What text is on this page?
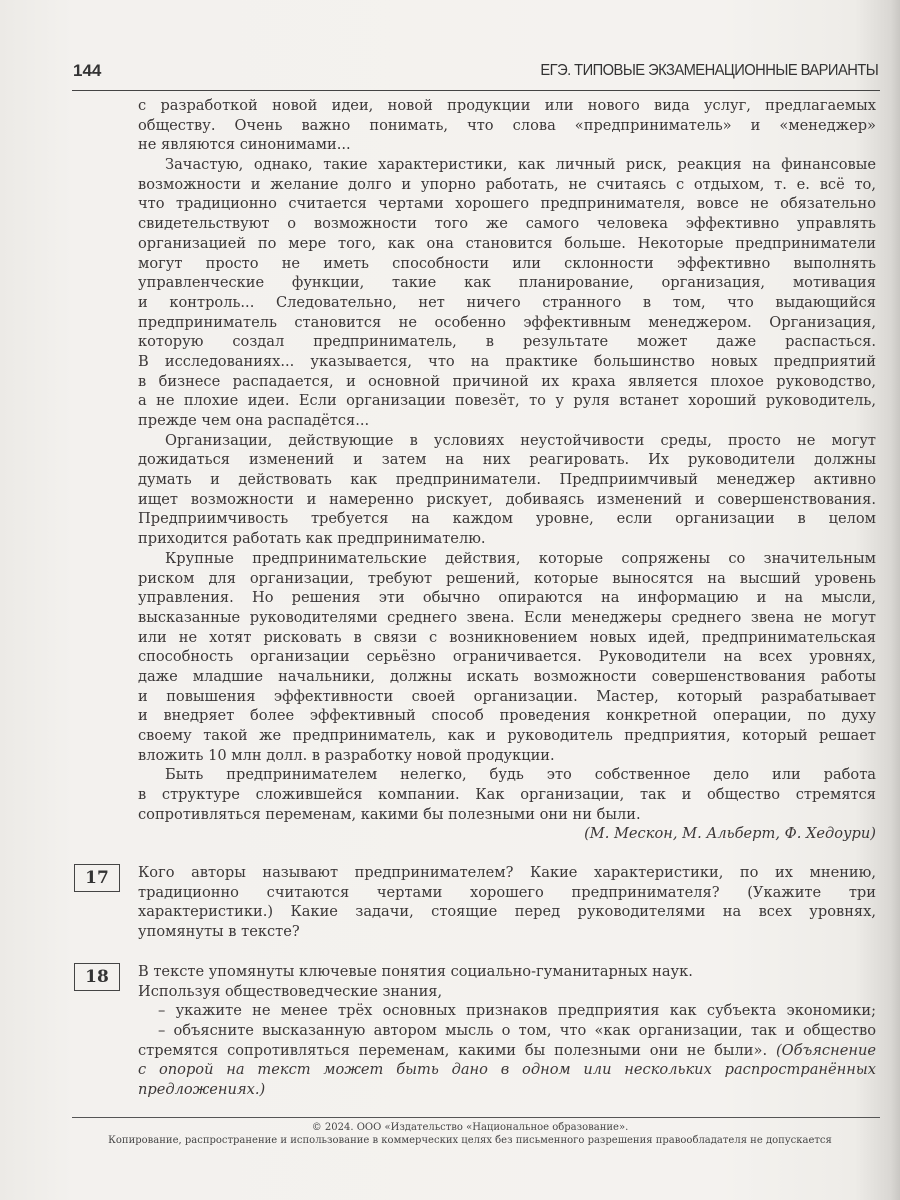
144	ЕГЭ. ТИПОВЫЕ ЭКЗАМЕНАЦИОННЫЕ ВАРИАНТЫ
с разработкой новой идеи, новой продукции или нового вида услуг, предлагаемых
обществу. Очень важно понимать, что слова «предприниматель» и «менеджер»
не являются синонимами...
Зачастую, однако, такие характеристики, как личный риск, реакция на финансовые
возможности и желание долго и упорно работать, не считаясь с отдыхом, т. е. всё то,
что традиционно считается чертами хорошего предпринимателя, вовсе не обязательно
свидетельствуют о возможности того же самого человека эффективно управлять
организацией по мере того, как она становится больше. Некоторые предприниматели
могут просто не иметь способности или склонности эффективно выполнять
управленческие функции, такие как планирование, организация, мотивация
и контроль... Следовательно, нет ничего странного в том, что выдающийся
предприниматель становится не особенно эффективным менеджером. Организация,
которую создал предприниматель, в результате может даже распасться.
В исследованиях... указывается, что на практике большинство новых предприятий
в бизнесе распадается, и основной причиной их краха является плохое руководство,
а не плохие идеи. Если организации повезёт, то у руля встанет хороший руководитель,
прежде чем она распадётся...
Организации, действующие в условиях неустойчивости среды, просто не могут
дожидаться изменений и затем на них реагировать. Их руководители должны
думать и действовать как предприниматели. Предприимчивый менеджер активно
ищет возможности и намеренно рискует, добиваясь изменений и совершенствования.
Предприимчивость требуется на каждом уровне, если организации в целом
приходится работать как предпринимателю.
Крупные предпринимательские действия, которые сопряжены со значительным
риском для организации, требуют решений, которые выносятся на высший уровень
управления. Но решения эти обычно опираются на информацию и на мысли,
высказанные руководителями среднего звена. Если менеджеры среднего звена не могут
или не хотят рисковать в связи с возникновением новых идей, предпринимательская
способность организации серьёзно ограничивается. Руководители на всех уровнях,
даже младшие начальники, должны искать возможности совершенствования работы
и повышения эффективности своей организации. Мастер, который разрабатывает
и внедряет более эффективный способ проведения конкретной операции, по духу
своему такой же предприниматель, как и руководитель предприятия, который решает
вложить 10 млн долл. в разработку новой продукции.
Быть предпринимателем нелегко, будь это собственное дело или работа
в структуре сложившейся компании. Как организации, так и общество стремятся
сопротивляться переменам, какими бы полезными они ни были.
(М. Мескон, М. Альберт, Ф. Хедоури)
17	Кого авторы называют предпринимателем? Какие характеристики, по их мнению,
традиционно считаются чертами хорошего предпринимателя? (Укажите три
характеристики.) Какие задачи, стоящие перед руководителями на всех уровнях,
упомянуты в тексте?
18	В тексте упомянуты ключевые понятия социально-гуманитарных наук.
Используя обществоведческие знания,
– укажите не менее трёх основных признаков предприятия как субъекта экономики;
– объясните высказанную автором мысль о том, что «как организации, так и общество
стремятся сопротивляться переменам, какими бы полезными они не были». (Объяснение
с опорой на текст может быть дано в одном или нескольких распространённых
предложениях.)
© 2024. ООО «Издательство «Национальное образование».
Копирование, распространение и использование в коммерческих целях без письменного разрешения правообладателя не допускается
